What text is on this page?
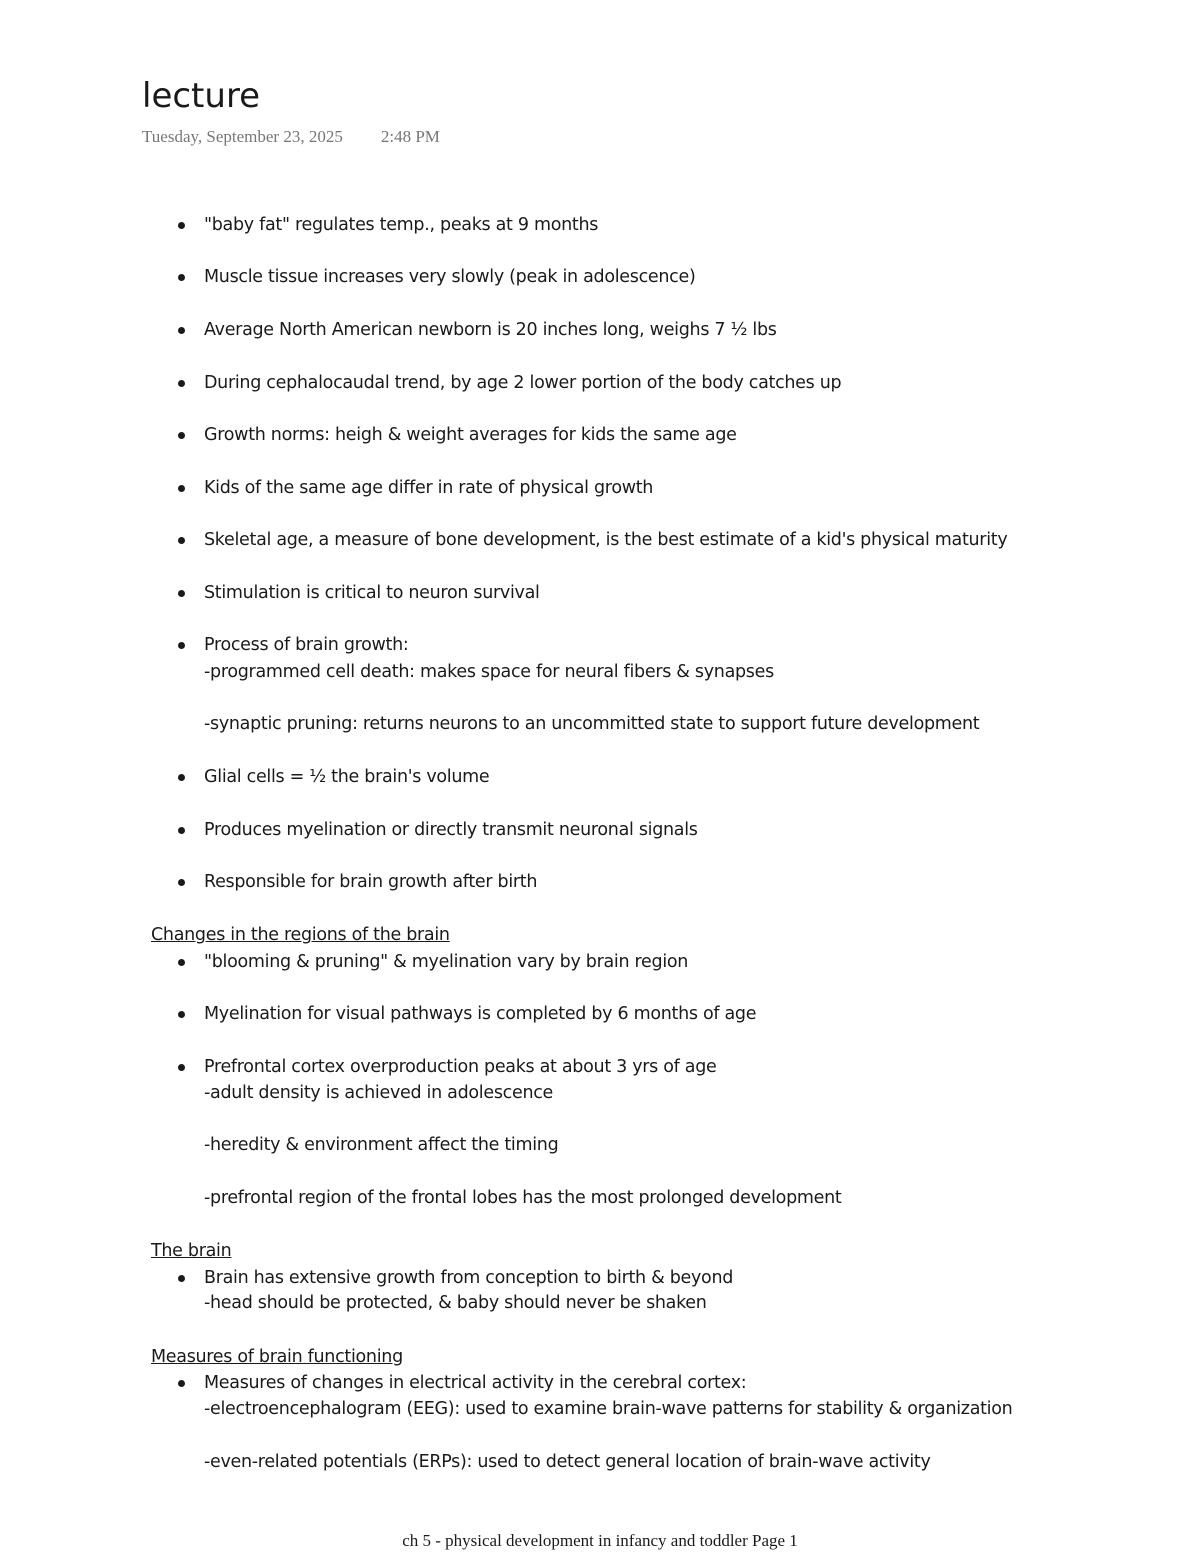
lecture
Tuesday, September 23, 2025 2:48 PM
"baby fat" regulates temp., peaks at 9 months
Muscle tissue increases very slowly (peak in adolescence)
Average North American newborn is 20 inches long, weighs 7 ½ lbs
During cephalocaudal trend, by age 2 lower portion of the body catches up
Growth norms: heigh & weight averages for kids the same age
Kids of the same age differ in rate of physical growth
Skeletal age, a measure of bone development, is the best estimate of a kid's physical maturity
Stimulation is critical to neuron survival
Process of brain growth:
-programmed cell death: makes space for neural fibers & synapses
-synaptic pruning: returns neurons to an uncommitted state to support future development
Glial cells = ½ the brain's volume
Produces myelination or directly transmit neuronal signals
Responsible for brain growth after birth
Changes in the regions of the brain
"blooming & pruning" & myelination vary by brain region
Myelination for visual pathways is completed by 6 months of age
Prefrontal cortex overproduction peaks at about 3 yrs of age
-adult density is achieved in adolescence
-heredity & environment affect the timing
-prefrontal region of the frontal lobes has the most prolonged development
The brain
Brain has extensive growth from conception to birth & beyond
-head should be protected, & baby should never be shaken
Measures of brain functioning
Measures of changes in electrical activity in the cerebral cortex:
-electroencephalogram (EEG): used to examine brain-wave patterns for stability & organization
-even-related potentials (ERPs): used to detect general location of brain-wave activity
ch 5 - physical development in infancy and toddler Page 1
